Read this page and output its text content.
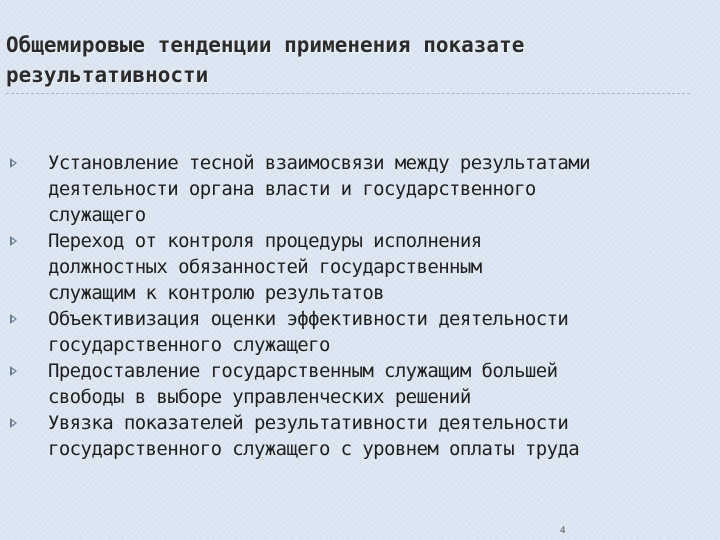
Общемировые тенденции применения показате
результативности
Установление тесной взаимосвязи между результатами
деятельности органа власти и государственного
служащего
Переход от контроля процедуры исполнения
должностных обязанностей государственным
служащим к контролю результатов
Объективизация оценки эффективности деятельности
государственного служащего
Предоставление государственным служащим большей
свободы в выборе управленческих решений
Увязка показателей результативности деятельности
государственного служащего с уровнем оплаты труда
4
